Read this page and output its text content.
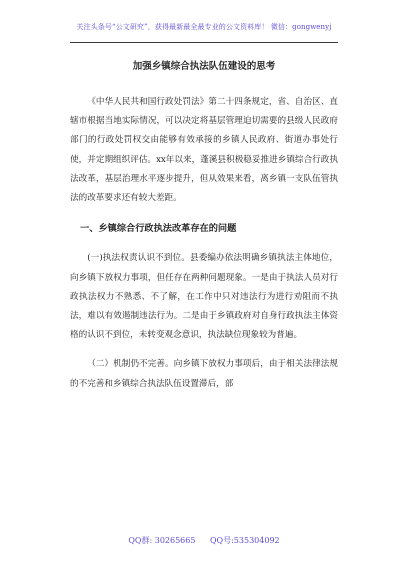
关注头条号“公文研究”，获得最新最全最专业的公文资料库！ 微信：gongwenyj
加强乡镇综合执法队伍建设的思考

《中华人民共和国行政处罚法》第二十四条规定，省、自治区、直辖市根据当地实际情况，可以决定将基层管理迫切需要的县级人民政府部门的行政处罚权交由能够有效承接的乡镇人民政府、街道办事处行使，并定期组织评估。xx年以来，蓬溪县积极稳妥推进乡镇综合行政执法改革，基层治理水平逐步提升，但从效果来看，离乡镇一支队伍管执法的改革要求还有较大差距。

一、乡镇综合行政执法改革存在的问题

(一)执法权责认识不到位。县委编办依法明确乡镇执法主体地位，向乡镇下放权力事项，但任存在两种问题现象。一是由于执法人员对行政执法权力不熟悉、不了解，在工作中只对违法行为进行劝阻而不执法，难以有效遏制违法行为。二是由于乡镇政府对自身行政执法主体资格的认识不到位，未转变观念意识，执法缺位现象较为普遍。

（二）机制仍不完善。向乡镇下放权力事项后，由于相关法律法规的不完善和乡镇综合执法队伍设置滞后，部

QQ群: 30265665 QQ号:535304092
